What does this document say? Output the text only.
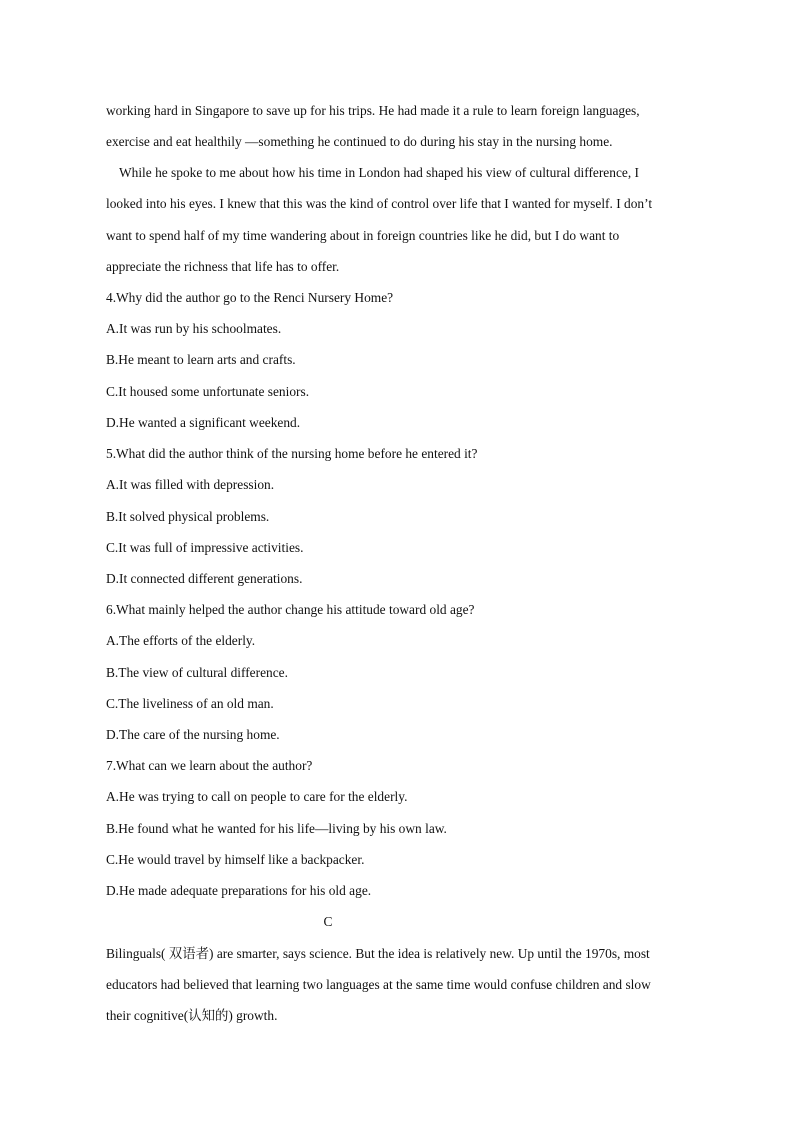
working hard in Singapore to save up for his trips. He had made it a rule to learn foreign languages,
exercise and eat healthily —something he continued to do during his stay in the nursing home.
While he spoke to me about how his time in London had shaped his view of cultural difference, I
looked into his eyes. I knew that this was the kind of control over life that I wanted for myself. I don’t
want to spend half of my time wandering about in foreign countries like he did, but I do want to
appreciate the richness that life has to offer.
4.Why did the author go to the Renci Nursery Home?
A.It was run by his schoolmates.
B.He meant to learn arts and crafts.
C.It housed some unfortunate seniors.
D.He wanted a significant weekend.
5.What did the author think of the nursing home before he entered it?
A.It was filled with depression.
B.It solved physical problems.
C.It was full of impressive activities.
D.It connected different generations.
6.What mainly helped the author change his attitude toward old age?
A.The efforts of the elderly.
B.The view of cultural difference.
C.The liveliness of an old man.
D.The care of the nursing home.
7.What can we learn about the author?
A.He was trying to call on people to care for the elderly.
B.He found what he wanted for his life—living by his own law.
C.He would travel by himself like a backpacker.
D.He made adequate preparations for his old age.
C
Bilinguals( 双语者) are smarter, says science. But the idea is relatively new. Up until the 1970s, most
educators had believed that learning two languages at the same time would confuse children and slow
their cognitive(认知的) growth.
